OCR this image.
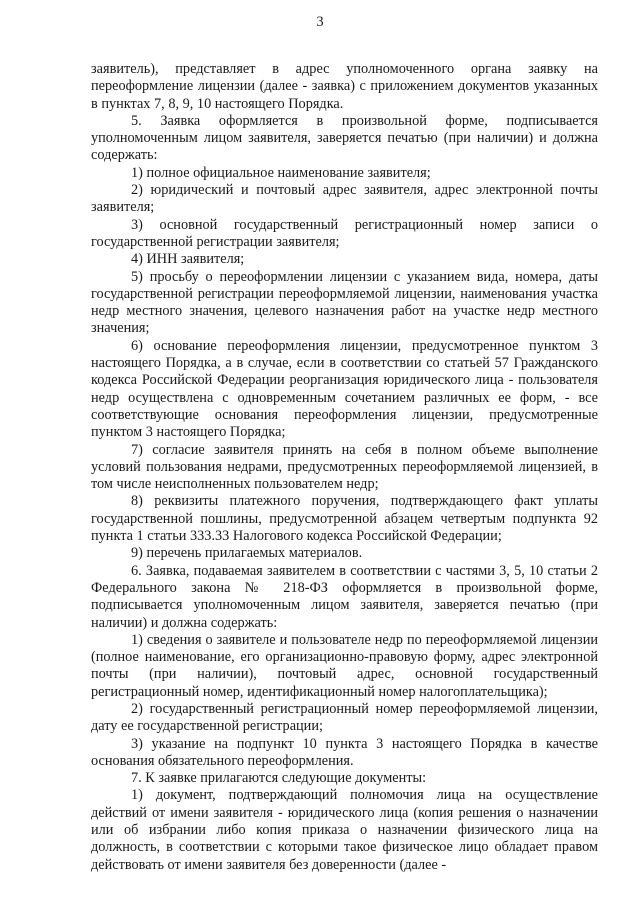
3

заявитель), представляет в адрес уполномоченного органа заявку на переоформление лицензии (далее - заявка) с приложением документов указанных в пунктах 7, 8, 9, 10 настоящего Порядка.

5. Заявка оформляется в произвольной форме, подписывается уполномоченным лицом заявителя, заверяется печатью (при наличии) и должна содержать:

1) полное официальное наименование заявителя;

2) юридический и почтовый адрес заявителя, адрес электронной почты заявителя;

3) основной государственный регистрационный номер записи о государственной регистрации заявителя;

4) ИНН заявителя;

5) просьбу о переоформлении лицензии с указанием вида, номера, даты государственной регистрации переоформляемой лицензии, наименования участка недр местного значения, целевого назначения работ на участке недр местного значения;

6) основание переоформления лицензии, предусмотренное пунктом 3 настоящего Порядка, а в случае, если в соответствии со статьей 57 Гражданского кодекса Российской Федерации реорганизация юридического лица - пользователя недр осуществлена с одновременным сочетанием различных ее форм, - все соответствующие основания переоформления лицензии, предусмотренные пунктом 3 настоящего Порядка;

7) согласие заявителя принять на себя в полном объеме выполнение условий пользования недрами, предусмотренных переоформляемой лицензией, в том числе неисполненных пользователем недр;

8) реквизиты платежного поручения, подтверждающего факт уплаты государственной пошлины, предусмотренной абзацем четвертым подпункта 92 пункта 1 статьи 333.33 Налогового кодекса Российской Федерации;

9) перечень прилагаемых материалов.

6. Заявка, подаваемая заявителем в соответствии с частями 3, 5, 10 статьи 2 Федерального закона № 218-ФЗ оформляется в произвольной форме, подписывается уполномоченным лицом заявителя, заверяется печатью (при наличии) и должна содержать:

1) сведения о заявителе и пользователе недр по переоформляемой лицензии (полное наименование, его организационно-правовую форму, адрес электронной почты (при наличии), почтовый адрес, основной государственный регистрационный номер, идентификационный номер налогоплательщика);

2) государственный регистрационный номер переоформляемой лицензии, дату ее государственной регистрации;

3) указание на подпункт 10 пункта 3 настоящего Порядка в качестве основания обязательного переоформления.

7. К заявке прилагаются следующие документы:

1) документ, подтверждающий полномочия лица на осуществление действий от имени заявителя - юридического лица (копия решения о назначении или об избрании либо копия приказа о назначении физического лица на должность, в соответствии с которыми такое физическое лицо обладает правом действовать от имени заявителя без доверенности (далее -
